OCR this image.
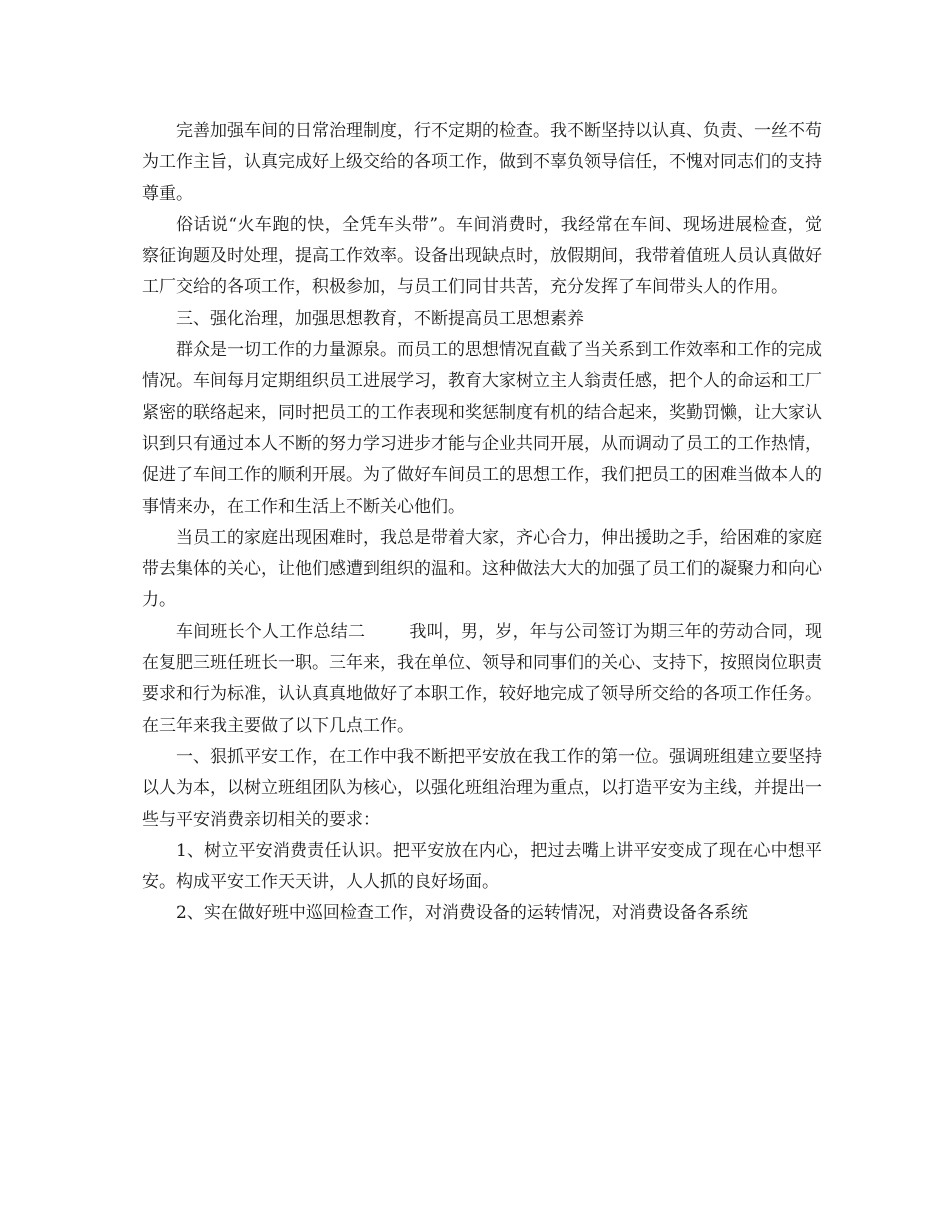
完善加强车间的日常治理制度，行不定期的检查。我不断坚持以认真、负责、一丝不苟为工作主旨，认真完成好上级交给的各项工作，做到不辜负领导信任，不愧对同志们的支持尊重。

俗话说“火车跑的快，全凭车头带”。车间消费时，我经常在车间、现场进展检查，觉察征询题及时处理，提高工作效率。设备出现缺点时，放假期间，我带着值班人员认真做好工厂交给的各项工作，积极参加，与员工们同甘共苦，充分发挥了车间带头人的作用。

三、强化治理，加强思想教育，不断提高员工思想素养

群众是一切工作的力量源泉。而员工的思想情况直截了当关系到工作效率和工作的完成情况。车间每月定期组织员工进展学习，教育大家树立主人翁责任感，把个人的命运和工厂紧密的联络起来，同时把员工的工作表现和奖惩制度有机的结合起来，奖勤罚懒，让大家认识到只有通过本人不断的努力学习进步才能与企业共同开展，从而调动了员工的工作热情，促进了车间工作的顺利开展。为了做好车间员工的思想工作，我们把员工的困难当做本人的事情来办，在工作和生活上不断关心他们。

当员工的家庭出现困难时，我总是带着大家，齐心合力，伸出援助之手，给困难的家庭带去集体的关心，让他们感遭到组织的温和。这种做法大大的加强了员工们的凝聚力和向心力。

车间班长个人工作总结二	我叫，男，岁，年与公司签订为期三年的劳动合同，现在复肥三班任班长一职。三年来，我在单位、领导和同事们的关心、支持下，按照岗位职责要求和行为标准，认认真真地做好了本职工作，较好地完成了领导所交给的各项工作任务。在三年来我主要做了以下几点工作。

一、狠抓平安工作，在工作中我不断把平安放在我工作的第一位。强调班组建立要坚持以人为本，以树立班组团队为核心，以强化班组治理为重点，以打造平安为主线，并提出一些与平安消费亲切相关的要求：

1、树立平安消费责任认识。把平安放在内心，把过去嘴上讲平安变成了现在心中想平安。构成平安工作天天讲，人人抓的良好场面。

2、实在做好班中巡回检查工作，对消费设备的运转情况，对消费设备各系统
